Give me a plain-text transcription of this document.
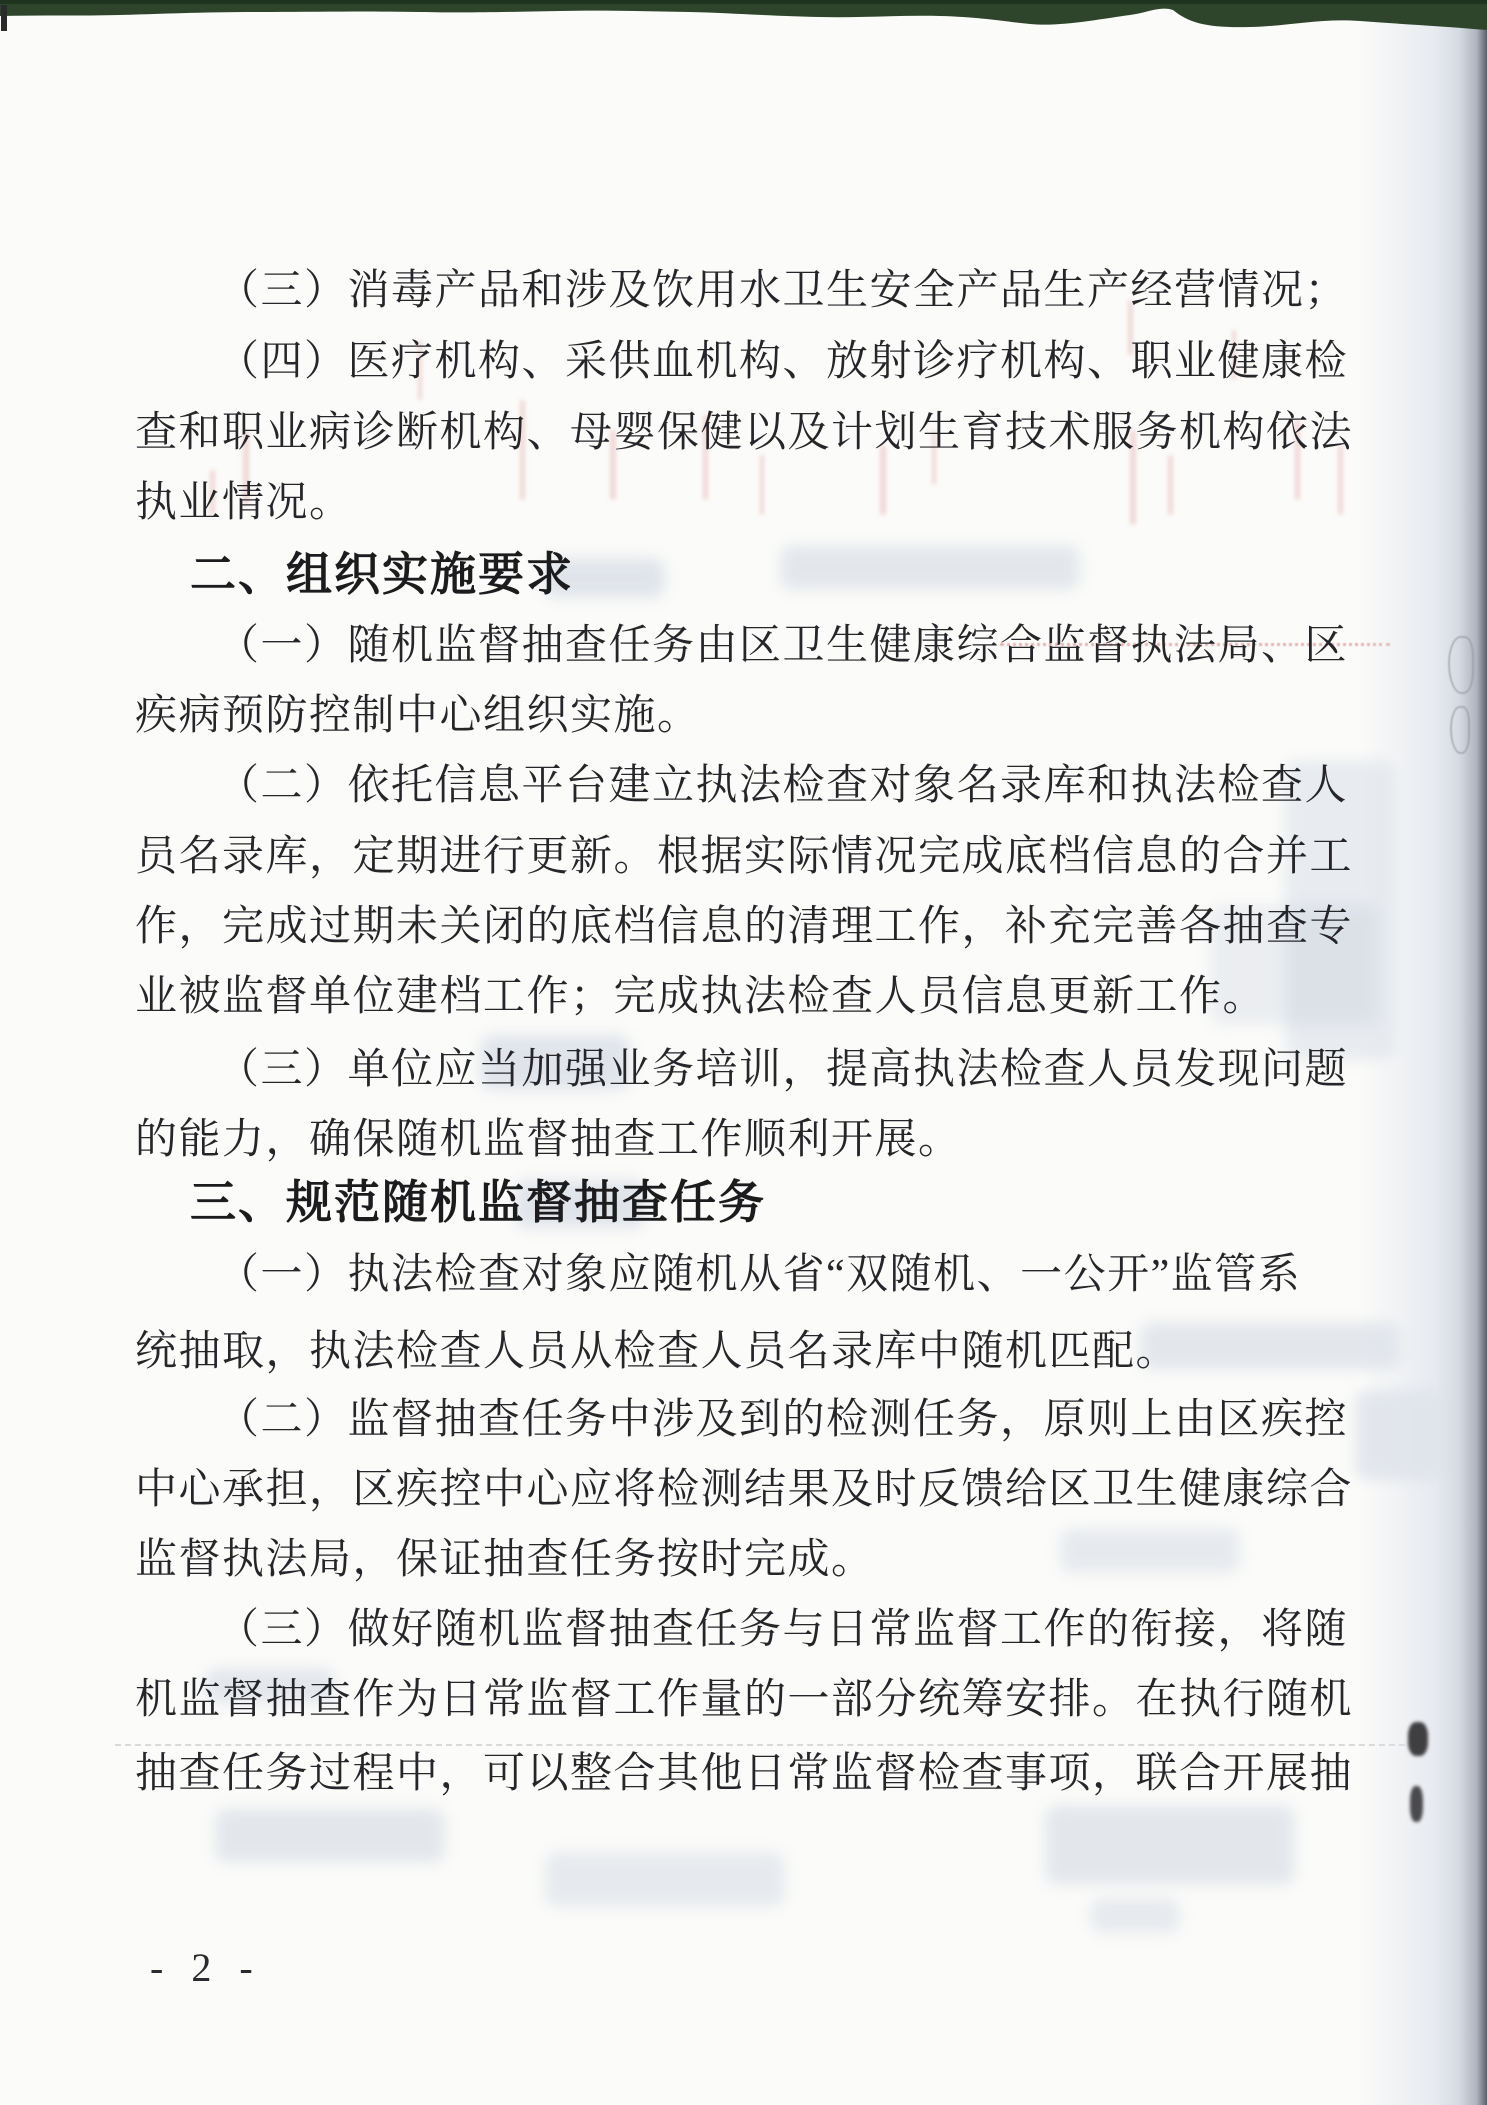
（三）消毒产品和涉及饮用水卫生安全产品生产经营情况；
（四）医疗机构、采供血机构、放射诊疗机构、职业健康检
查和职业病诊断机构、母婴保健以及计划生育技术服务机构依法
执业情况。
二、组织实施要求
（一）随机监督抽查任务由区卫生健康综合监督执法局、区
疾病预防控制中心组织实施。
（二）依托信息平台建立执法检查对象名录库和执法检查人
员名录库，定期进行更新。根据实际情况完成底档信息的合并工
作，完成过期未关闭的底档信息的清理工作，补充完善各抽查专
业被监督单位建档工作；完成执法检查人员信息更新工作。
（三）单位应当加强业务培训，提高执法检查人员发现问题
的能力，确保随机监督抽查工作顺利开展。
三、规范随机监督抽查任务
（一）执法检查对象应随机从省“双随机、一公开”监管系
统抽取，执法检查人员从检查人员名录库中随机匹配。
（二）监督抽查任务中涉及到的检测任务，原则上由区疾控
中心承担，区疾控中心应将检测结果及时反馈给区卫生健康综合
监督执法局，保证抽查任务按时完成。
（三）做好随机监督抽查任务与日常监督工作的衔接，将随
机监督抽查作为日常监督工作量的一部分统筹安排。在执行随机
抽查任务过程中，可以整合其他日常监督检查事项，联合开展抽
- 2 -
